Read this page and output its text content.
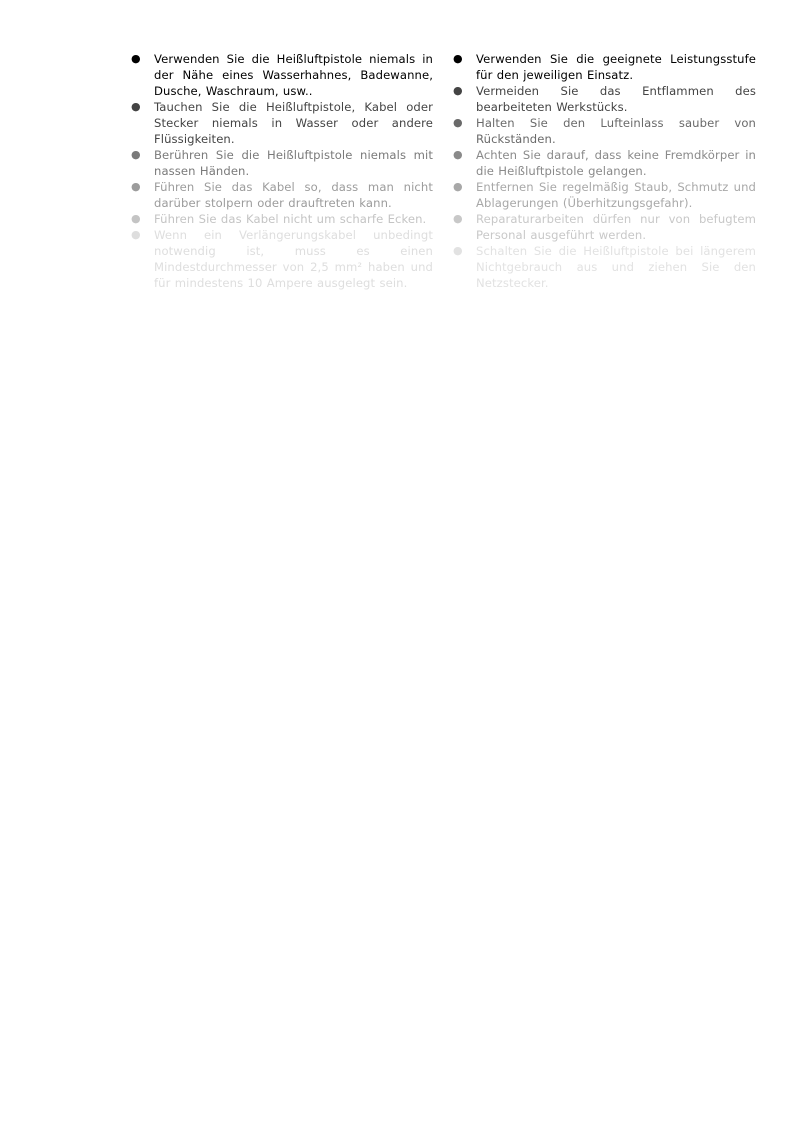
● Verwenden Sie die Heißluftpistole niemals in der Nähe eines Wasserhahnes, Badewanne, Dusche, Waschraum, usw..
● Tauchen Sie die Heißluftpistole, Kabel oder Stecker niemals in Wasser oder andere Flüssigkeiten.
● Berühren Sie die Heißluftpistole niemals mit nassen Händen.
● Führen Sie das Kabel so, dass man nicht darüber stolpern oder drauftreten kann.
● Führen Sie das Kabel nicht um scharfe Ecken.
● Wenn ein Verlängerungskabel unbedingt notwendig ist, muss es einen Mindestdurchmesser von 2,5 mm² haben und für mindestens 10 Ampere ausgelegt sein.
● Verwenden Sie die geeignete Leistungsstufe für den jeweiligen Einsatz.
● Vermeiden Sie das Entflammen des bearbeiteten Werkstücks.
● Halten Sie den Lufteinlass sauber von Rückständen.
● Achten Sie darauf, dass keine Fremdkörper in die Heißluftpistole gelangen.
● Entfernen Sie regelmäßig Staub, Schmutz und Ablagerungen (Überhitzungsgefahr).
● Reparaturarbeiten dürfen nur von befugtem Personal ausgeführt werden.
● Schalten Sie die Heißluftpistole bei längerem Nichtgebrauch aus und ziehen Sie den Netzstecker.
